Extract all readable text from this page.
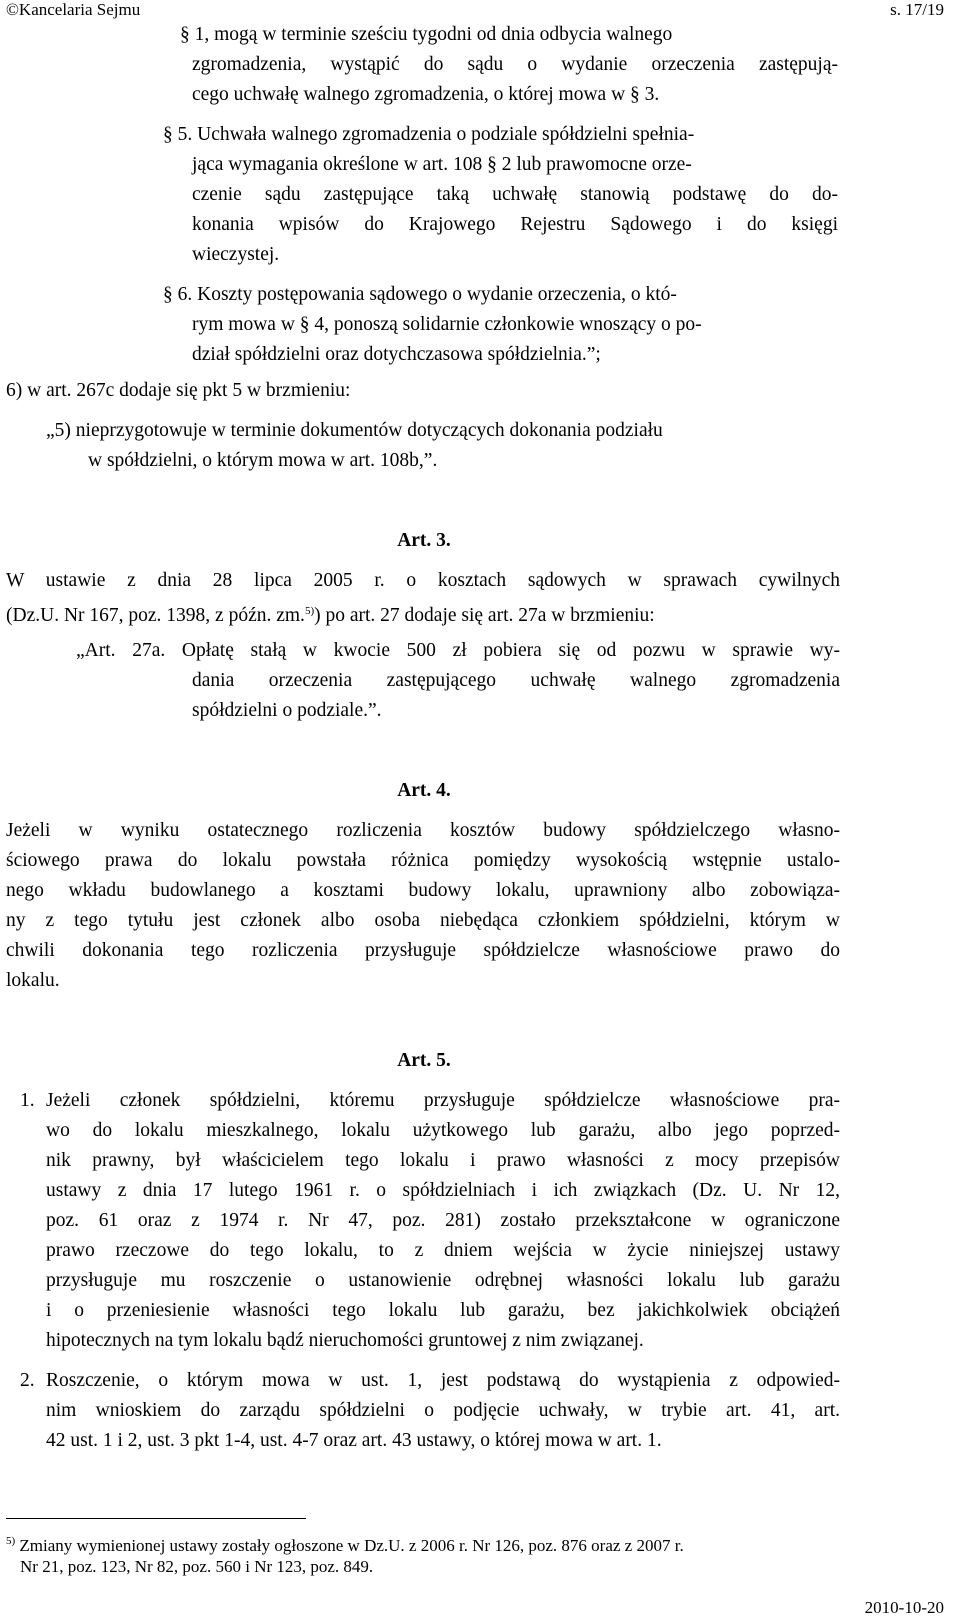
©Kancelaria Sejmu	s. 17/19
§ 1, mogą w terminie sześciu tygodni od dnia odbycia walnego
zgromadzenia, wystąpić do sądu o wydanie orzeczenia zastępują-
cego uchwałę walnego zgromadzenia, o której mowa w § 3.
§ 5. Uchwała walnego zgromadzenia o podziale spółdzielni spełnia-
jąca wymagania określone w art. 108 § 2 lub prawomocne orze-
czenie sądu zastępujące taką uchwałę stanowią podstawę do do-
konania wpisów do Krajowego Rejestru Sądowego i do księgi
wieczystej.
§ 6. Koszty postępowania sądowego o wydanie orzeczenia, o któ-
rym mowa w § 4, ponoszą solidarnie członkowie wnoszący o po-
dział spółdzielni oraz dotychczasowa spółdzielnia.”;
6) w art. 267c dodaje się pkt 5 w brzmieniu:
„5) nieprzygotowuje w terminie dokumentów dotyczących dokonania podziału
w spółdzielni, o którym mowa w art. 108b,”.
Art. 3.
W ustawie z dnia 28 lipca 2005 r. o kosztach sądowych w sprawach cywilnych
(Dz.U. Nr 167, poz. 1398, z późn. zm.$^{5)}$) po art. 27 dodaje się art. 27a w brzmieniu:
„Art. 27a. Opłatę stałą w kwocie 500 zł pobiera się od pozwu w sprawie wy-
dania orzeczenia zastępującego uchwałę walnego zgromadzenia
spółdzielni o podziale.”.
Art. 4.
Jeżeli w wyniku ostatecznego rozliczenia kosztów budowy spółdzielczego własno-
ściowego prawa do lokalu powstała różnica pomiędzy wysokością wstępnie ustalo-
nego wkładu budowlanego a kosztami budowy lokalu, uprawniony albo zobowiąza-
ny z tego tytułu jest członek albo osoba niebędąca członkiem spółdzielni, którym w
chwili dokonania tego rozliczenia przysługuje spółdzielcze własnościowe prawo do
lokalu.
Art. 5.
1. Jeżeli członek spółdzielni, któremu przysługuje spółdzielcze własnościowe pra-
wo do lokalu mieszkalnego, lokalu użytkowego lub garażu, albo jego poprzed-
nik prawny, był właścicielem tego lokalu i prawo własności z mocy przepisów
ustawy z dnia 17 lutego 1961 r. o spółdzielniach i ich związkach (Dz. U. Nr 12,
poz. 61 oraz z 1974 r. Nr 47, poz. 281) zostało przekształcone w ograniczone
prawo rzeczowe do tego lokalu, to z dniem wejścia w życie niniejszej ustawy
przysługuje mu roszczenie o ustanowienie odrębnej własności lokalu lub garażu
i o przeniesienie własności tego lokalu lub garażu, bez jakichkolwiek obciążeń
hipotecznych na tym lokalu bądź nieruchomości gruntowej z nim związanej.
2. Roszczenie, o którym mowa w ust. 1, jest podstawą do wystąpienia z odpowied-
nim wnioskiem do zarządu spółdzielni o podjęcie uchwały, w trybie art. 41, art.
42 ust. 1 i 2, ust. 3 pkt 1-4, ust. 4-7 oraz art. 43 ustawy, o której mowa w art. 1.
$^{5)}$ Zmiany wymienionej ustawy zostały ogłoszone w Dz.U. z 2006 r. Nr 126, poz. 876 oraz z 2007 r.
Nr 21, poz. 123, Nr 82, poz. 560 i Nr 123, poz. 849.
2010-10-20
